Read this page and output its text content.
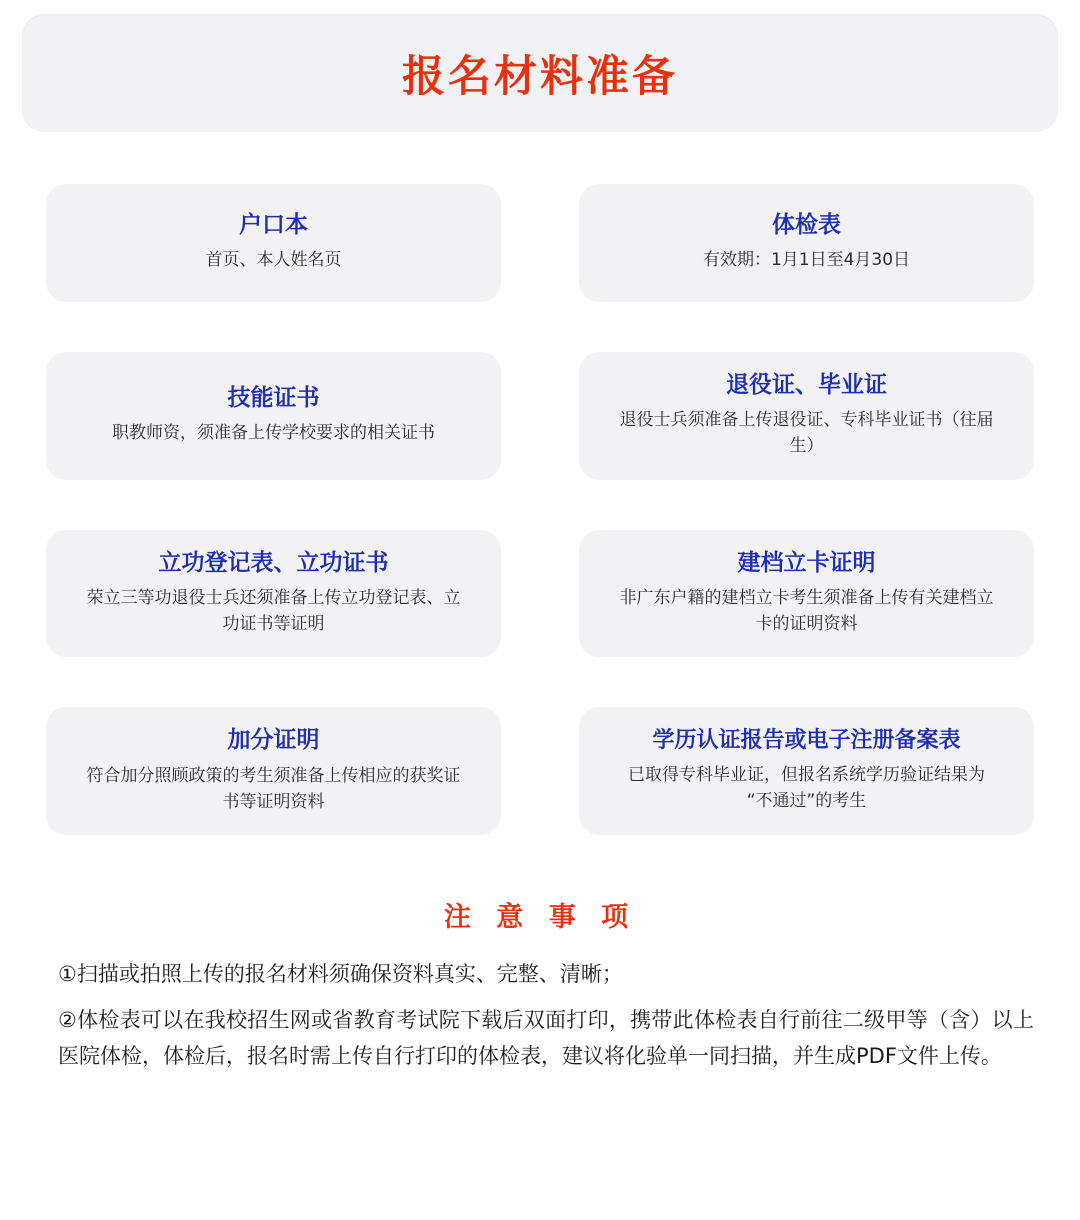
报名材料准备
户口本
首页、本人姓名页
体检表
有效期：1月1日至4月30日
技能证书
职教师资，须准备上传学校要求的相关证书
退役证、毕业证
退役士兵须准备上传退役证、专科毕业证书（往届生）
立功登记表、立功证书
荣立三等功退役士兵还须准备上传立功登记表、立功证书等证明
建档立卡证明
非广东户籍的建档立卡考生须准备上传有关建档立卡的证明资料
加分证明
符合加分照顾政策的考生须准备上传相应的获奖证书等证明资料
学历认证报告或电子注册备案表
已取得专科毕业证，但报名系统学历验证结果为“不通过”的考生
注 意 事 项

①扫描或拍照上传的报名材料须确保资料真实、完整、清晰；

②体检表可以在我校招生网或省教育考试院下载后双面打印，携带此体检表自行前往二级甲等（含）以上医院体检，体检后，报名时需上传自行打印的体检表，建议将化验单一同扫描，并生成PDF文件上传。
